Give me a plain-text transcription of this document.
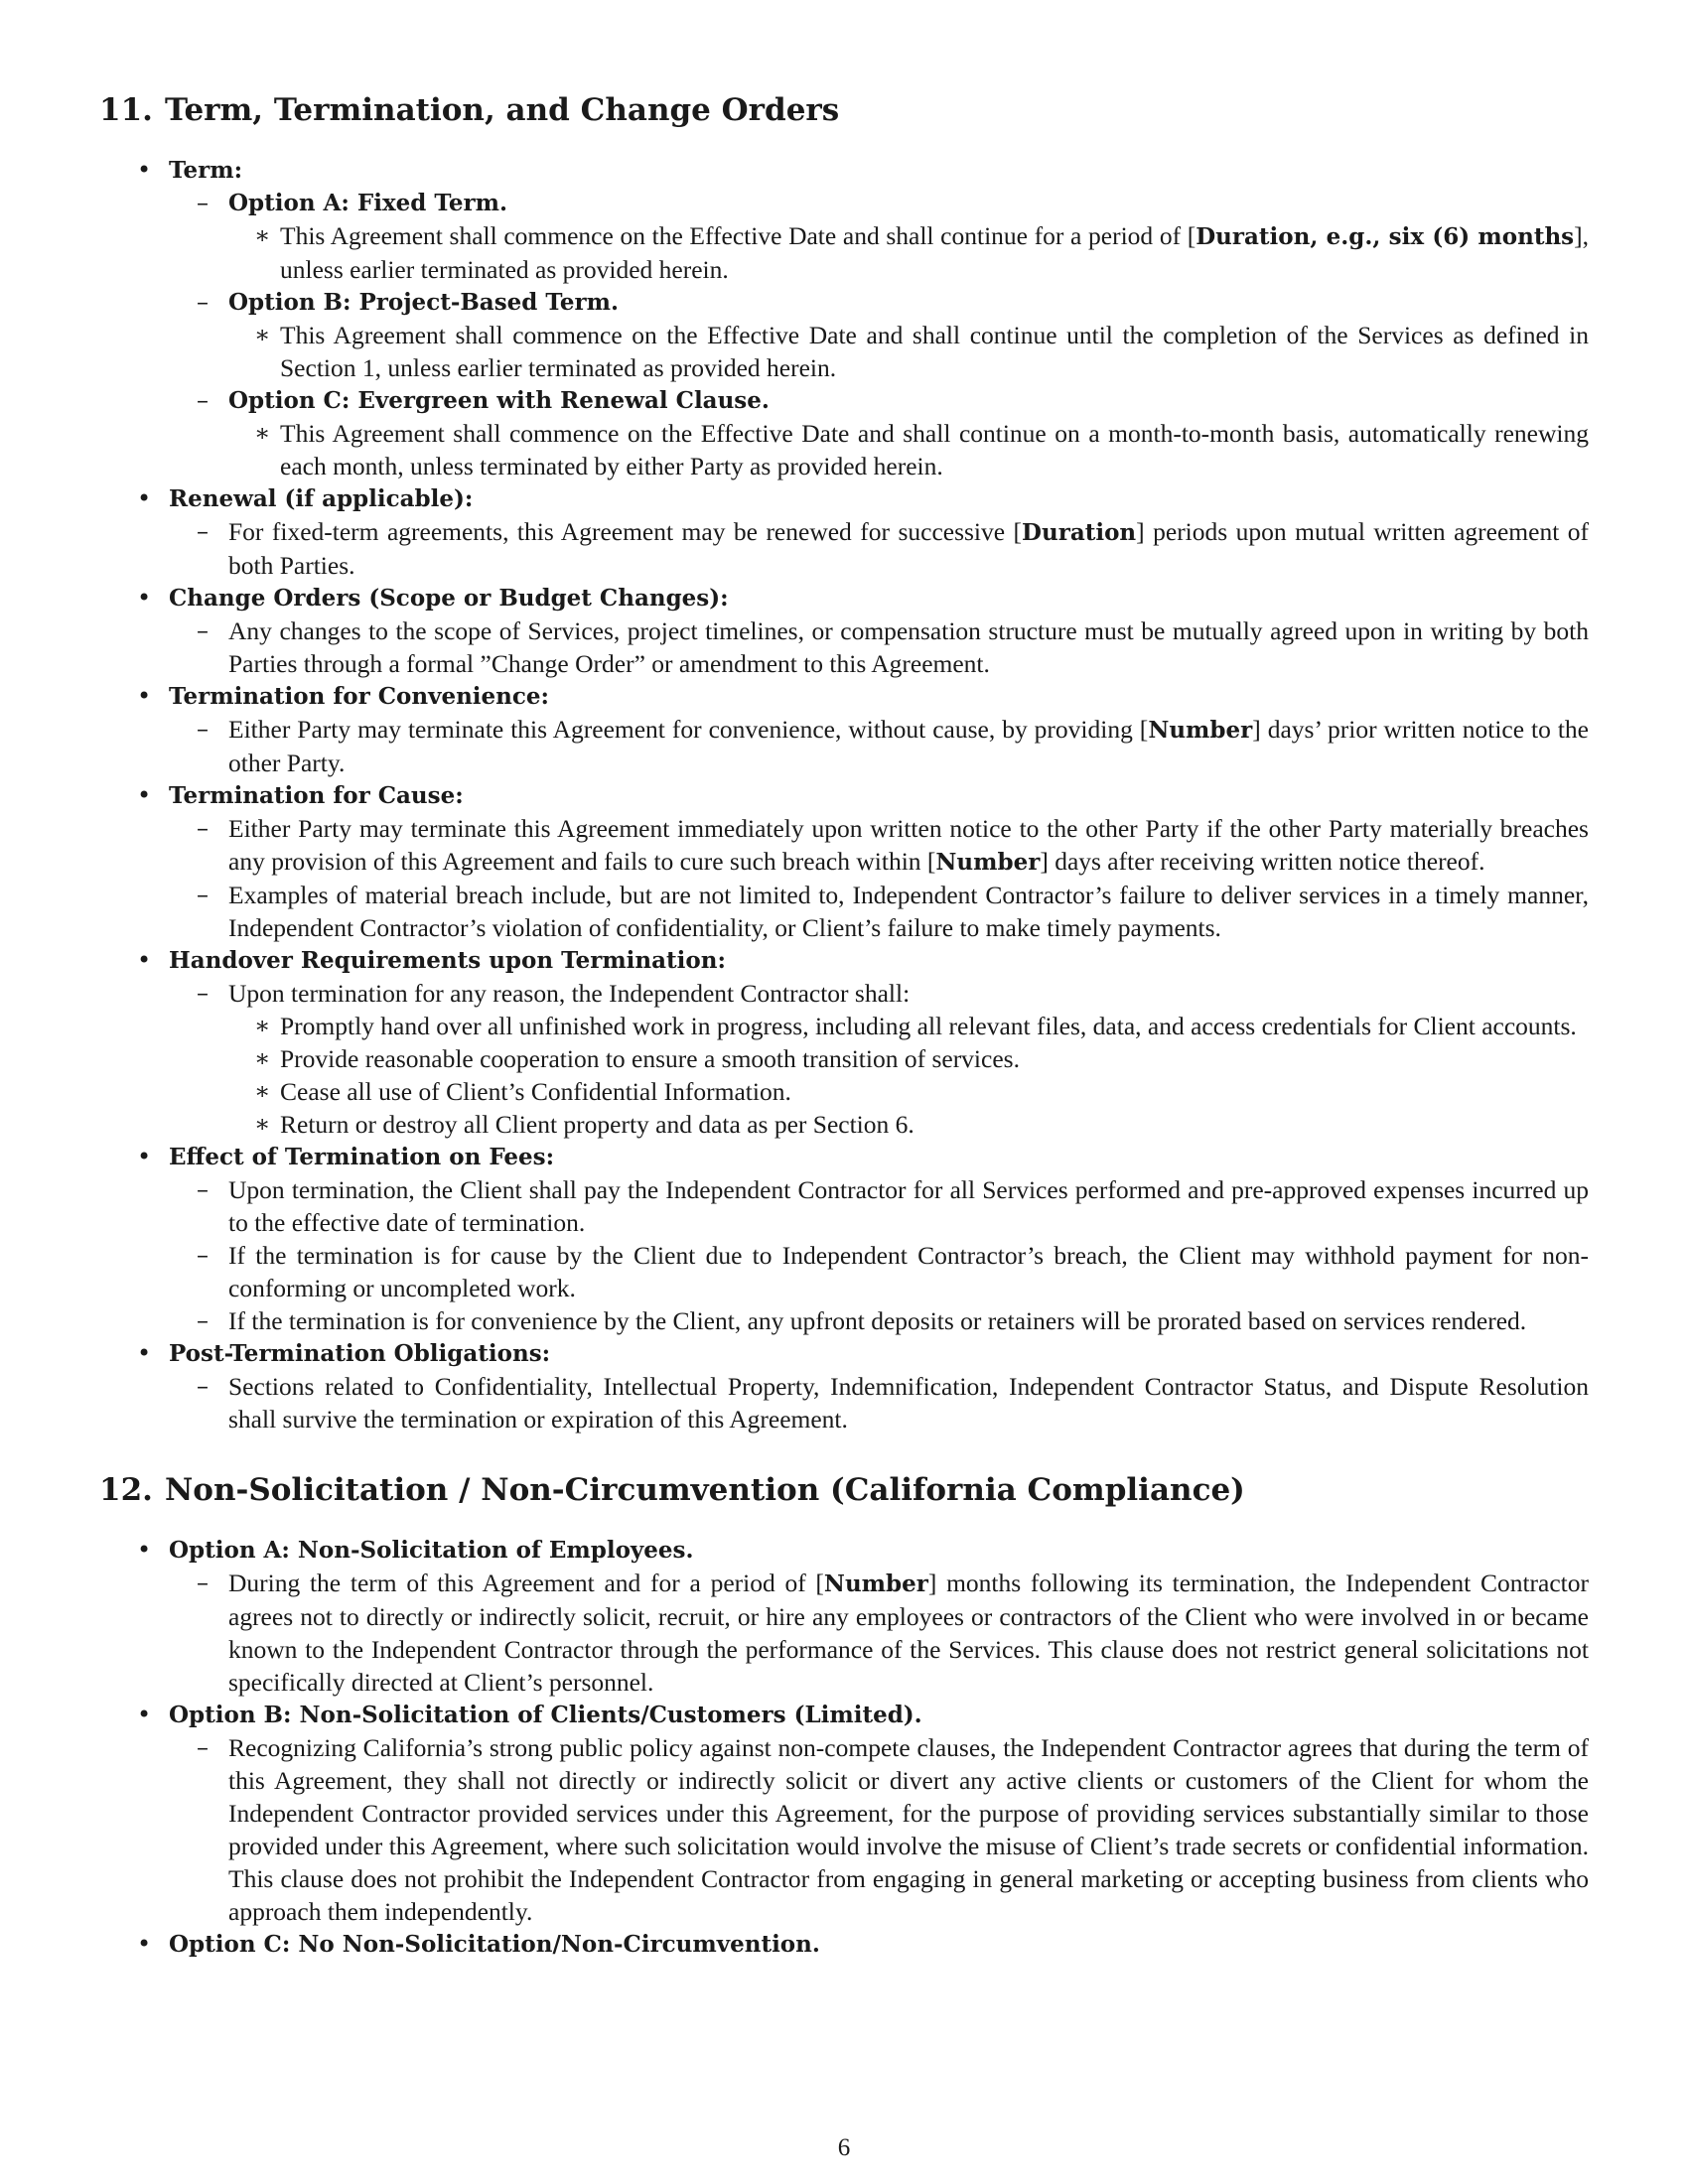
11. Term, Termination, and Change Orders
• Term:
– Option A: Fixed Term.
∗ This Agreement shall commence on the Effective Date and shall continue for a period of [Duration, e.g., six (6) months], unless earlier terminated as provided herein.
– Option B: Project-Based Term.
∗ This Agreement shall commence on the Effective Date and shall continue until the completion of the Services as defined in Section 1, unless earlier terminated as provided herein.
– Option C: Evergreen with Renewal Clause.
∗ This Agreement shall commence on the Effective Date and shall continue on a month-to-month basis, automatically renewing each month, unless terminated by either Party as provided herein.
• Renewal (if applicable):
– For fixed-term agreements, this Agreement may be renewed for successive [Duration] periods upon mutual written agreement of both Parties.
• Change Orders (Scope or Budget Changes):
– Any changes to the scope of Services, project timelines, or compensation structure must be mutually agreed upon in writing by both Parties through a formal ”Change Order” or amendment to this Agreement.
• Termination for Convenience:
– Either Party may terminate this Agreement for convenience, without cause, by providing [Number] days’ prior written notice to the other Party.
• Termination for Cause:
– Either Party may terminate this Agreement immediately upon written notice to the other Party if the other Party materially breaches any provision of this Agreement and fails to cure such breach within [Number] days after receiving written notice thereof.
– Examples of material breach include, but are not limited to, Independent Contractor’s failure to deliver services in a timely manner, Independent Contractor’s violation of confidentiality, or Client’s failure to make timely payments.
• Handover Requirements upon Termination:
– Upon termination for any reason, the Independent Contractor shall:
∗ Promptly hand over all unfinished work in progress, including all relevant files, data, and access credentials for Client accounts.
∗ Provide reasonable cooperation to ensure a smooth transition of services.
∗ Cease all use of Client’s Confidential Information.
∗ Return or destroy all Client property and data as per Section 6.
• Effect of Termination on Fees:
– Upon termination, the Client shall pay the Independent Contractor for all Services performed and pre-approved expenses incurred up to the effective date of termination.
– If the termination is for cause by the Client due to Independent Contractor’s breach, the Client may withhold payment for non-conforming or uncompleted work.
– If the termination is for convenience by the Client, any upfront deposits or retainers will be prorated based on services rendered.
• Post-Termination Obligations:
– Sections related to Confidentiality, Intellectual Property, Indemnification, Independent Contractor Status, and Dispute Resolution shall survive the termination or expiration of this Agreement.
12. Non-Solicitation / Non-Circumvention (California Compliance)
• Option A: Non-Solicitation of Employees.
– During the term of this Agreement and for a period of [Number] months following its termination, the Independent Contractor agrees not to directly or indirectly solicit, recruit, or hire any employees or contractors of the Client who were involved in or became known to the Independent Contractor through the performance of the Services. This clause does not restrict general solicitations not specifically directed at Client’s personnel.
• Option B: Non-Solicitation of Clients/Customers (Limited).
– Recognizing California’s strong public policy against non-compete clauses, the Independent Contractor agrees that during the term of this Agreement, they shall not directly or indirectly solicit or divert any active clients or customers of the Client for whom the Independent Contractor provided services under this Agreement, for the purpose of providing services substantially similar to those provided under this Agreement, where such solicitation would involve the misuse of Client’s trade secrets or confidential information. This clause does not prohibit the Independent Contractor from engaging in general marketing or accepting business from clients who approach them independently.
• Option C: No Non-Solicitation/Non-Circumvention.
6
